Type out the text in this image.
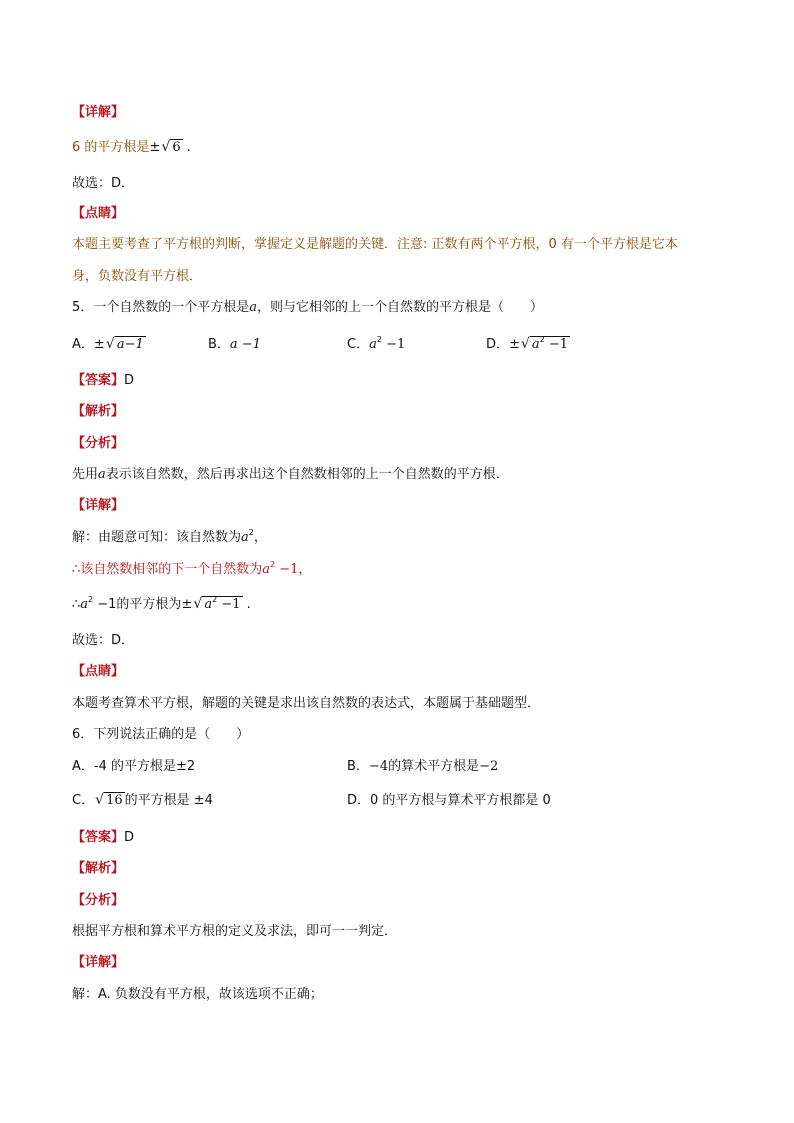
【详解】
6 的平方根是± √ 6 .
故选：D．
【点睛】
本题主要考查了平方根的判断，掌握定义是解题的关键．注意: 正数有两个平方根，0 有一个平方根是它本
身，负数没有平方根．
5．一个自然数的一个平方根是a，则与它相邻的上一个自然数的平方根是（　　）
A．± √ a−1	B．a −1	C．$a^2 -1$	D．± √ $a^2 -1$
【答案】D
【解析】
【分析】
先用a表示该自然数，然后再求出这个自然数相邻的上一个自然数的平方根．
【详解】
解：由题意可知：该自然数为$a^2$，
∴该自然数相邻的下一个自然数为$a^2 -1$，
$\therefore a^2 -1$的平方根为± √ $a^2 -1$ .
故选：D．
【点睛】
本题考查算术平方根，解题的关键是求出该自然数的表达式，本题属于基础题型．
6．下列说法正确的是（　　）
A．-4 的平方根是±2	B．−4的算术平方根是−2
C． √ 16 的平方根是 ±4	D．0 的平方根与算术平方根都是 0
【答案】D
【解析】
【分析】
根据平方根和算术平方根的定义及求法，即可一一判定．
【详解】
解：A. 负数没有平方根，故该选项不正确；
